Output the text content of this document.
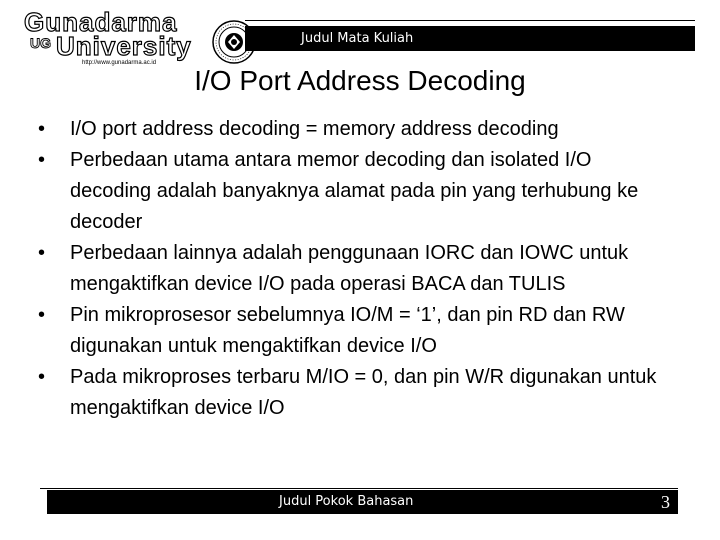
Gunadarma
UG University
http://www.gunadarma.ac.id
Judul Mata Kuliah
I/O Port Address Decoding
• I/O port address decoding = memory address decoding
• Perbedaan utama antara memor decoding dan isolated I/O decoding adalah banyaknya alamat pada pin yang terhubung ke decoder
• Perbedaan lainnya adalah penggunaan IORC dan IOWC untuk mengaktifkan device I/O pada operasi BACA dan TULIS
• Pin mikroprosesor sebelumnya IO/M = ‘1’, dan pin RD dan RW digunakan untuk mengaktifkan device I/O
• Pada mikroproses terbaru M/IO = 0, dan pin W/R digunakan untuk mengaktifkan device I/O
Judul Pokok Bahasan	3
